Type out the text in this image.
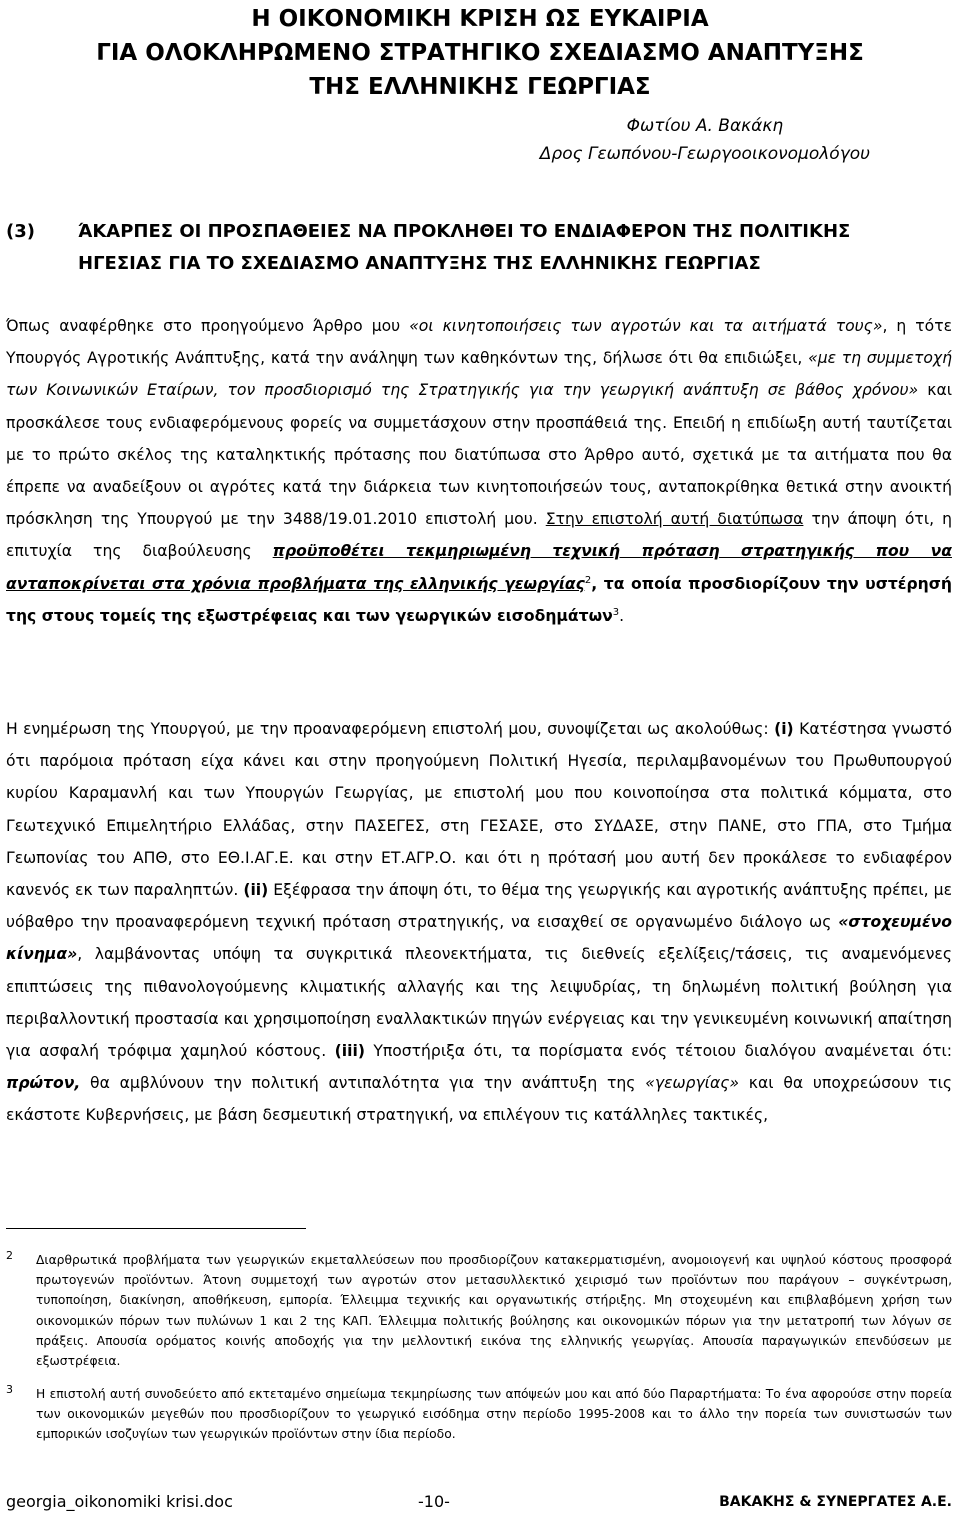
Η ΟΙΚΟΝΟΜΙΚΗ ΚΡΙΣΗ ΩΣ ΕΥΚΑΙΡΙΑ
ΓΙΑ ΟΛΟΚΛΗΡΩΜΕΝΟ ΣΤΡΑΤΗΓΙΚΟ ΣΧΕΔΙΑΣΜΟ ΑΝΑΠΤΥΞΗΣ
ΤΗΣ ΕΛΛΗΝΙΚΗΣ ΓΕΩΡΓΙΑΣ
Φωτίου Α. Βακάκη
Δρος Γεωπόνου-Γεωργοοικονομολόγου
(3) ΆΚΑΡΠΕΣ ΟΙ ΠΡΟΣΠΑΘΕΙΕΣ ΝΑ ΠΡΟΚΛΗΘΕΙ ΤΟ ΕΝΔΙΑΦΕΡΟΝ ΤΗΣ ΠΟΛΙΤΙΚΗΣ ΗΓΕΣΙΑΣ ΓΙΑ ΤΟ ΣΧΕΔΙΑΣΜΟ ΑΝΑΠΤΥΞΗΣ ΤΗΣ ΕΛΛΗΝΙΚΗΣ ΓΕΩΡΓΙΑΣ

Όπως αναφέρθηκε στο προηγούμενο Άρθρο μου «οι κινητοποιήσεις των αγροτών και τα αιτήματά τους», η τότε Υπουργός Αγροτικής Ανάπτυξης, κατά την ανάληψη των καθηκόντων της, δήλωσε ότι θα επιδιώξει, «με τη συμμετοχή των Κοινωνικών Εταίρων, τον προσδιορισμό της Στρατηγικής για την γεωργική ανάπτυξη σε βάθος χρόνου» και προσκάλεσε τους ενδιαφερόμενους φορείς να συμμετάσχουν στην προσπάθειά της. Επειδή η επιδίωξη αυτή ταυτίζεται με το πρώτο σκέλος της καταληκτικής πρότασης που διατύπωσα στο Άρθρο αυτό, σχετικά με τα αιτήματα που θα έπρεπε να αναδείξουν οι αγρότες κατά την διάρκεια των κινητοποιήσεών τους, ανταποκρίθηκα θετικά στην ανοικτή πρόσκληση της Υπουργού με την 3488/19.01.2010 επιστολή μου. Στην επιστολή αυτή διατύπωσα την άποψη ότι, η επιτυχία της διαβούλευσης προϋποθέτει τεκμηριωμένη τεχνική πρόταση στρατηγικής που να ανταποκρίνεται στα χρόνια προβλήματα της ελληνικής γεωργίας$^2$, τα οποία προσδιορίζουν την υστέρησή της στους τομείς της εξωστρέφειας και των γεωργικών εισοδημάτων$^3$.

Η ενημέρωση της Υπουργού, με την προαναφερόμενη επιστολή μου, συνοψίζεται ως ακολούθως: (i) Κατέστησα γνωστό ότι παρόμοια πρόταση είχα κάνει και στην προηγούμενη Πολιτική Ηγεσία, περιλαμβανομένων του Πρωθυπουργού κυρίου Καραμανλή και των Υπουργών Γεωργίας, με επιστολή μου που κοινοποίησα στα πολιτικά κόμματα, στο Γεωτεχνικό Επιμελητήριο Ελλάδας, στην ΠΑΣΕΓΕΣ, στη ΓΕΣΑΣΕ, στο ΣΥΔΑΣΕ, στην ΠΑΝΕ, στο ΓΠΑ, στο Τμήμα Γεωπονίας του ΑΠΘ, στο ΕΘ.Ι.ΑΓ.Ε. και στην ΕΤ.ΑΓΡ.Ο. και ότι η πρότασή μου αυτή δεν προκάλεσε το ενδιαφέρον κανενός εκ των παραληπτών. (ii) Εξέφρασα την άποψη ότι, το θέμα της γεωργικής και αγροτικής ανάπτυξης πρέπει, με υόβαθρο την προαναφερόμενη τεχνική πρόταση στρατηγικής, να εισαχθεί σε οργανωμένο διάλογο ως «στοχευμένο κίνημα», λαμβάνοντας υπόψη τα συγκριτικά πλεονεκτήματα, τις διεθνείς εξελίξεις/τάσεις, τις αναμενόμενες επιπτώσεις της πιθανολογούμενης κλιματικής αλλαγής και της λειψυδρίας, τη δηλωμένη πολιτική βούληση για περιβαλλοντική προστασία και χρησιμοποίηση εναλλακτικών πηγών ενέργειας και την γενικευμένη κοινωνική απαίτηση για ασφαλή τρόφιμα χαμηλού κόστους. (iii) Υποστήριξα ότι, τα πορίσματα ενός τέτοιου διαλόγου αναμένεται ότι: πρώτον, θα αμβλύνουν την πολιτική αντιπαλότητα για την ανάπτυξη της «γεωργίας» και θα υποχρεώσουν τις εκάστοτε Κυβερνήσεις, με βάση δεσμευτική στρατηγική, να επιλέγουν τις κατάλληλες τακτικές,

2 Διαρθρωτικά προβλήματα των γεωργικών εκμεταλλεύσεων που προσδιορίζουν κατακερματισμένη, ανομοιογενή και υψηλού κόστους προσφορά πρωτογενών προϊόντων. Άτονη συμμετοχή των αγροτών στον μετασυλλεκτικό χειρισμό των προϊόντων που παράγουν – συγκέντρωση, τυποποίηση, διακίνηση, αποθήκευση, εμπορία. Έλλειμμα τεχνικής και οργανωτικής στήριξης. Μη στοχευμένη και επιβλαβόμενη χρήση των οικονομικών πόρων των πυλώνων 1 και 2 της ΚΑΠ. Έλλειμμα πολιτικής βούλησης και οικονομικών πόρων για την μετατροπή των λόγων σε πράξεις. Απουσία ορόματος κοινής αποδοχής για την μελλοντική εικόνα της ελληνικής γεωργίας. Απουσία παραγωγικών επενδύσεων με εξωστρέφεια.
3 Η επιστολή αυτή συνοδεύετο από εκτεταμένο σημείωμα τεκμηρίωσης των απόψεών μου και από δύο Παραρτήματα: Το ένα αφορούσε στην πορεία των οικονομικών μεγεθών που προσδιορίζουν το γεωργικό εισόδημα στην περίοδο 1995-2008 και το άλλο την πορεία των συνιστωσών των εμπορικών ισοζυγίων των γεωργικών προϊόντων στην ίδια περίοδο.
georgia_oikonomiki krisi.doc	-10-	ΒΑΚΑΚΗΣ & ΣΥΝΕΡΓΑΤΕΣ Α.Ε.
